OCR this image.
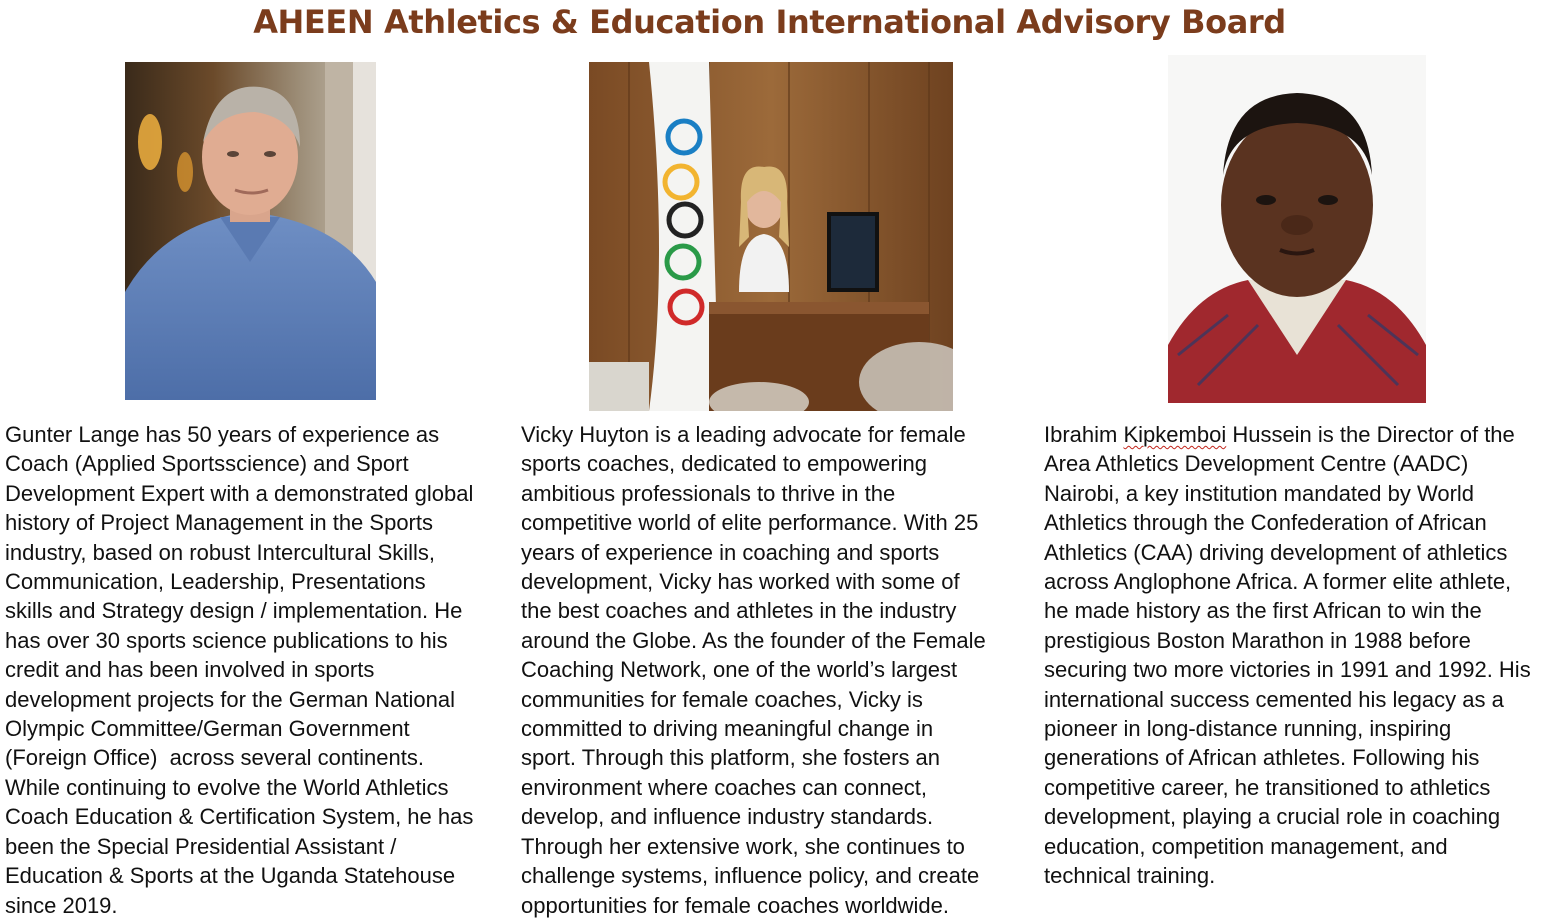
AHEEN Athletics & Education International Advisory Board
Gunter Lange has 50 years of experience as
Coach (Applied Sportsscience) and Sport
Development Expert with a demonstrated global
history of Project Management in the Sports
industry, based on robust Intercultural Skills,
Communication, Leadership, Presentations
skills and Strategy design / implementation. He
has over 30 sports science publications to his
credit and has been involved in sports
development projects for the German National
Olympic Committee/German Government
(Foreign Office)  across several continents.
While continuing to evolve the World Athletics
Coach Education & Certification System, he has
been the Special Presidential Assistant /
Education & Sports at the Uganda Statehouse
since 2019.
Vicky Huyton is a leading advocate for female
sports coaches, dedicated to empowering
ambitious professionals to thrive in the
competitive world of elite performance. With 25
years of experience in coaching and sports
development, Vicky has worked with some of
the best coaches and athletes in the industry
around the Globe. As the founder of the Female
Coaching Network, one of the world’s largest
communities for female coaches, Vicky is
committed to driving meaningful change in
sport. Through this platform, she fosters an
environment where coaches can connect,
develop, and influence industry standards.
Through her extensive work, she continues to
challenge systems, influence policy, and create
opportunities for female coaches worldwide.
Ibrahim Kipkemboi Hussein is the Director of the
Area Athletics Development Centre (AADC)
Nairobi, a key institution mandated by World
Athletics through the Confederation of African
Athletics (CAA) driving development of athletics
across Anglophone Africa. A former elite athlete,
he made history as the first African to win the
prestigious Boston Marathon in 1988 before
securing two more victories in 1991 and 1992. His
international success cemented his legacy as a
pioneer in long-distance running, inspiring
generations of African athletes. Following his
competitive career, he transitioned to athletics
development, playing a crucial role in coaching
education, competition management, and
technical training.
